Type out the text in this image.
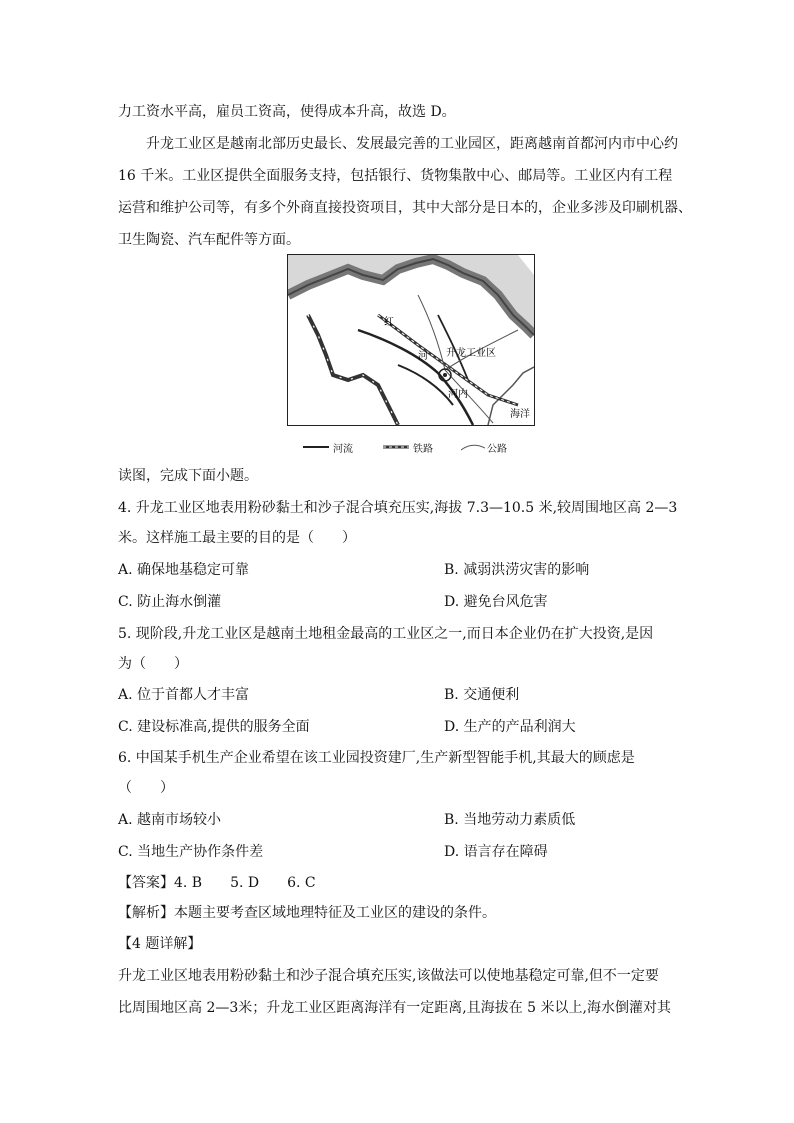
力工资水平高，雇员工资高，使得成本升高，故选 D。
升龙工业区是越南北部历史最长、发展最完善的工业园区，距离越南首都河内市中心约
16 千米。工业区提供全面服务支持，包括银行、货物集散中心、邮局等。工业区内有工程
运营和维护公司等，有多个外商直接投资项目，其中大部分是日本的，企业多涉及印刷机器、
卫生陶瓷、汽车配件等方面。
红
河 升龙工业区
河内
海洋
河流	铁路	公路
读图，完成下面小题。
4. 升龙工业区地表用粉砂黏土和沙子混合填充压实,海拔 7.3—10.5 米,较周围地区高 2—3
米。这样施工最主要的目的是（　　）
A. 确保地基稳定可靠	B. 减弱洪涝灾害的影响
C. 防止海水倒灌	D. 避免台风危害
5. 现阶段,升龙工业区是越南土地租金最高的工业区之一,而日本企业仍在扩大投资,是因
为（　　）
A. 位于首都人才丰富	B. 交通便利
C. 建设标准高,提供的服务全面	D. 生产的产品利润大
6. 中国某手机生产企业希望在该工业园投资建厂,生产新型智能手机,其最大的顾虑是
（　　）
A. 越南市场较小	B. 当地劳动力素质低
C. 当地生产协作条件差	D. 语言存在障碍
【答案】4. B　　5. D　　6. C
【解析】本题主要考查区域地理特征及工业区的建设的条件。
【4 题详解】
升龙工业区地表用粉砂黏土和沙子混合填充压实,该做法可以使地基稳定可靠,但不一定要
比周围地区高 2—3米；升龙工业区距离海洋有一定距离,且海拔在 5 米以上,海水倒灌对其
